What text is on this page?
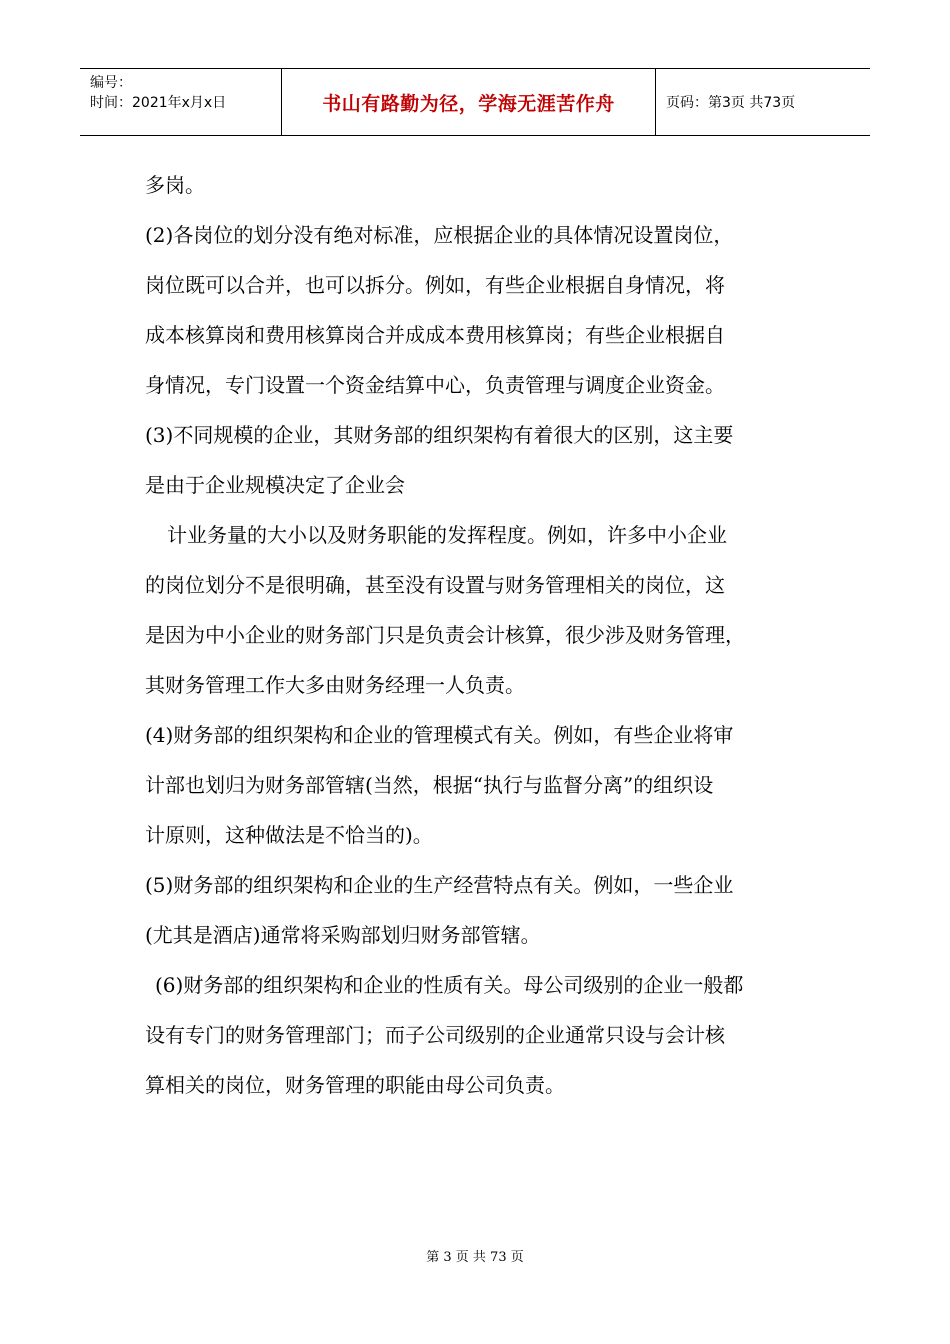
编号：
时间：2021年x月x日	书山有路勤为径，学海无涯苦作舟	页码：第3页 共73页

多岗。

(2)各岗位的划分没有绝对标准，应根据企业的具体情况设置岗位，

岗位既可以合并，也可以拆分。例如，有些企业根据自身情况，将

成本核算岗和费用核算岗合并成成本费用核算岗；有些企业根据自

身情况，专门设置一个资金结算中心，负责管理与调度企业资金。

(3)不同规模的企业，其财务部的组织架构有着很大的区别，这主要

是由于企业规模决定了企业会

计业务量的大小以及财务职能的发挥程度。例如，许多中小企业

的岗位划分不是很明确，甚至没有设置与财务管理相关的岗位，这

是因为中小企业的财务部门只是负责会计核算，很少涉及财务管理，

其财务管理工作大多由财务经理一人负责。

(4)财务部的组织架构和企业的管理模式有关。例如，有些企业将审

计部也划归为财务部管辖(当然，根据“执行与监督分离”的组织设

计原则，这种做法是不恰当的)。

(5)财务部的组织架构和企业的生产经营特点有关。例如，一些企业

(尤其是酒店)通常将采购部划归财务部管辖。

(6)财务部的组织架构和企业的性质有关。母公司级别的企业一般都

设有专门的财务管理部门；而子公司级别的企业通常只设与会计核

算相关的岗位，财务管理的职能由母公司负责。

第 3 页 共 73 页
